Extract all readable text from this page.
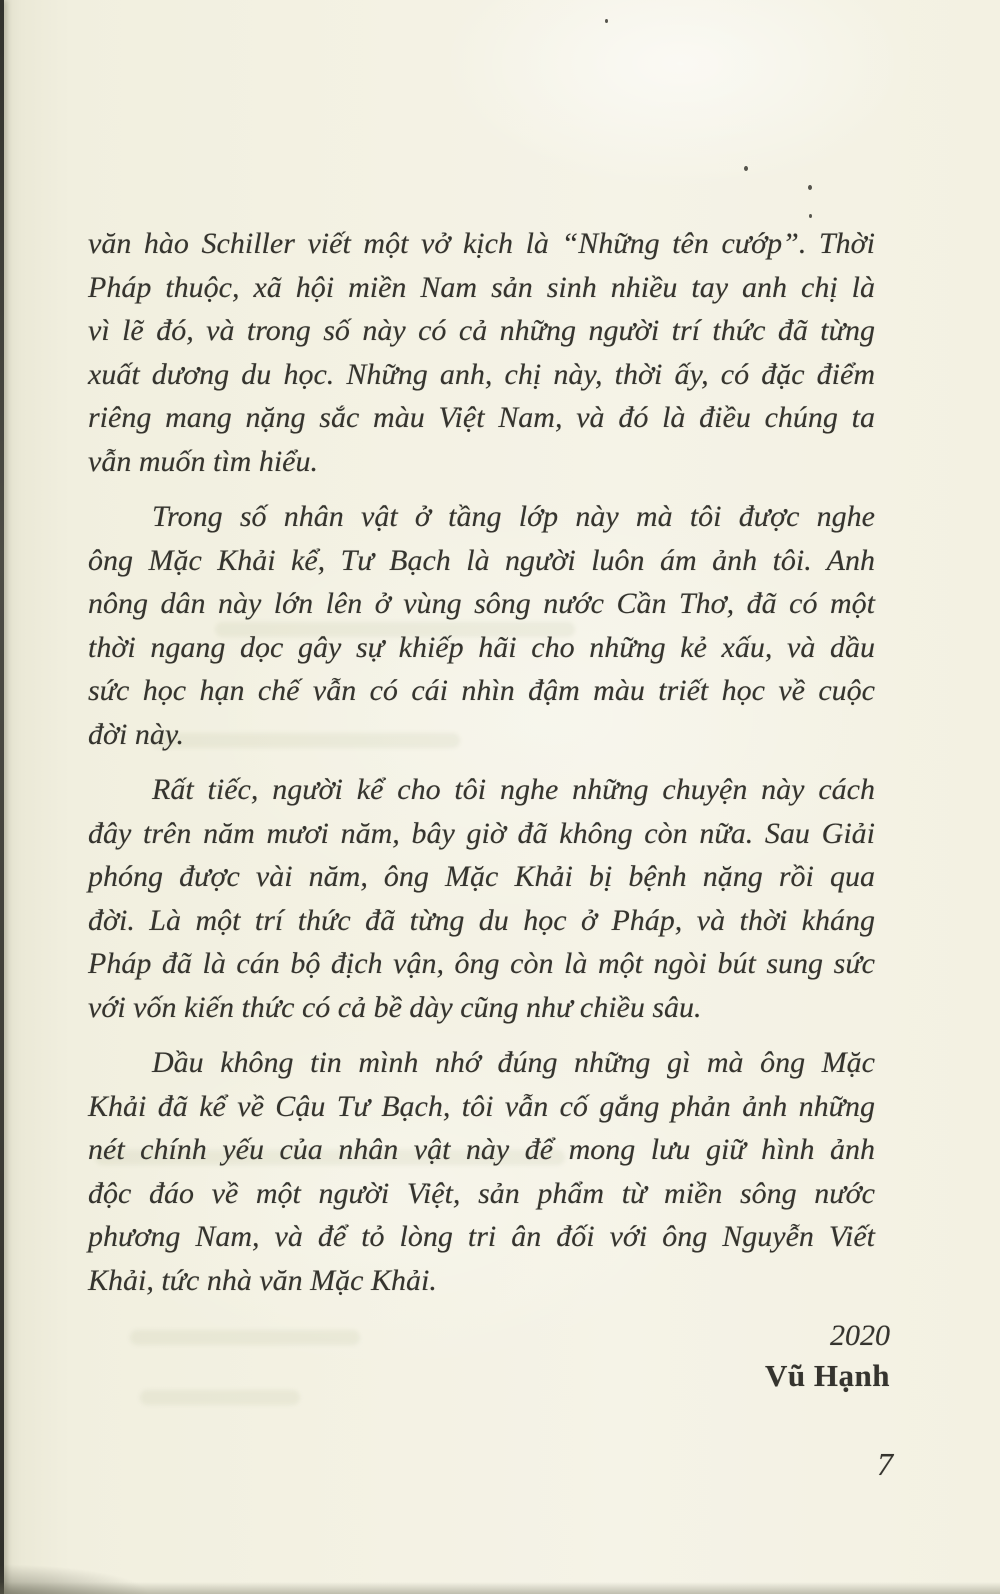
văn hào Schiller viết một vở kịch là “Những tên cướp”. Thời
Pháp thuộc, xã hội miền Nam sản sinh nhiều tay anh chị là
vì lẽ đó, và trong số này có cả những người trí thức đã từng
xuất dương du học. Những anh, chị này, thời ấy, có đặc điểm
riêng mang nặng sắc màu Việt Nam, và đó là điều chúng ta
vẫn muốn tìm hiểu.
Trong số nhân vật ở tầng lớp này mà tôi được nghe
ông Mặc Khải kể, Tư Bạch là người luôn ám ảnh tôi. Anh
nông dân này lớn lên ở vùng sông nước Cần Thơ, đã có một
thời ngang dọc gây sự khiếp hãi cho những kẻ xấu, và dầu
sức học hạn chế vẫn có cái nhìn đậm màu triết học về cuộc
đời này.
Rất tiếc, người kể cho tôi nghe những chuyện này cách
đây trên năm mươi năm, bây giờ đã không còn nữa. Sau Giải
phóng được vài năm, ông Mặc Khải bị bệnh nặng rồi qua
đời. Là một trí thức đã từng du học ở Pháp, và thời kháng
Pháp đã là cán bộ địch vận, ông còn là một ngòi bút sung sức
với vốn kiến thức có cả bề dày cũng như chiều sâu.
Dầu không tin mình nhớ đúng những gì mà ông Mặc
Khải đã kể về Cậu Tư Bạch, tôi vẫn cố gắng phản ảnh những
nét chính yếu của nhân vật này để mong lưu giữ hình ảnh
độc đáo về một người Việt, sản phẩm từ miền sông nước
phương Nam, và để tỏ lòng tri ân đối với ông Nguyễn Viết
Khải, tức nhà văn Mặc Khải.
2020
Vũ Hạnh
7
